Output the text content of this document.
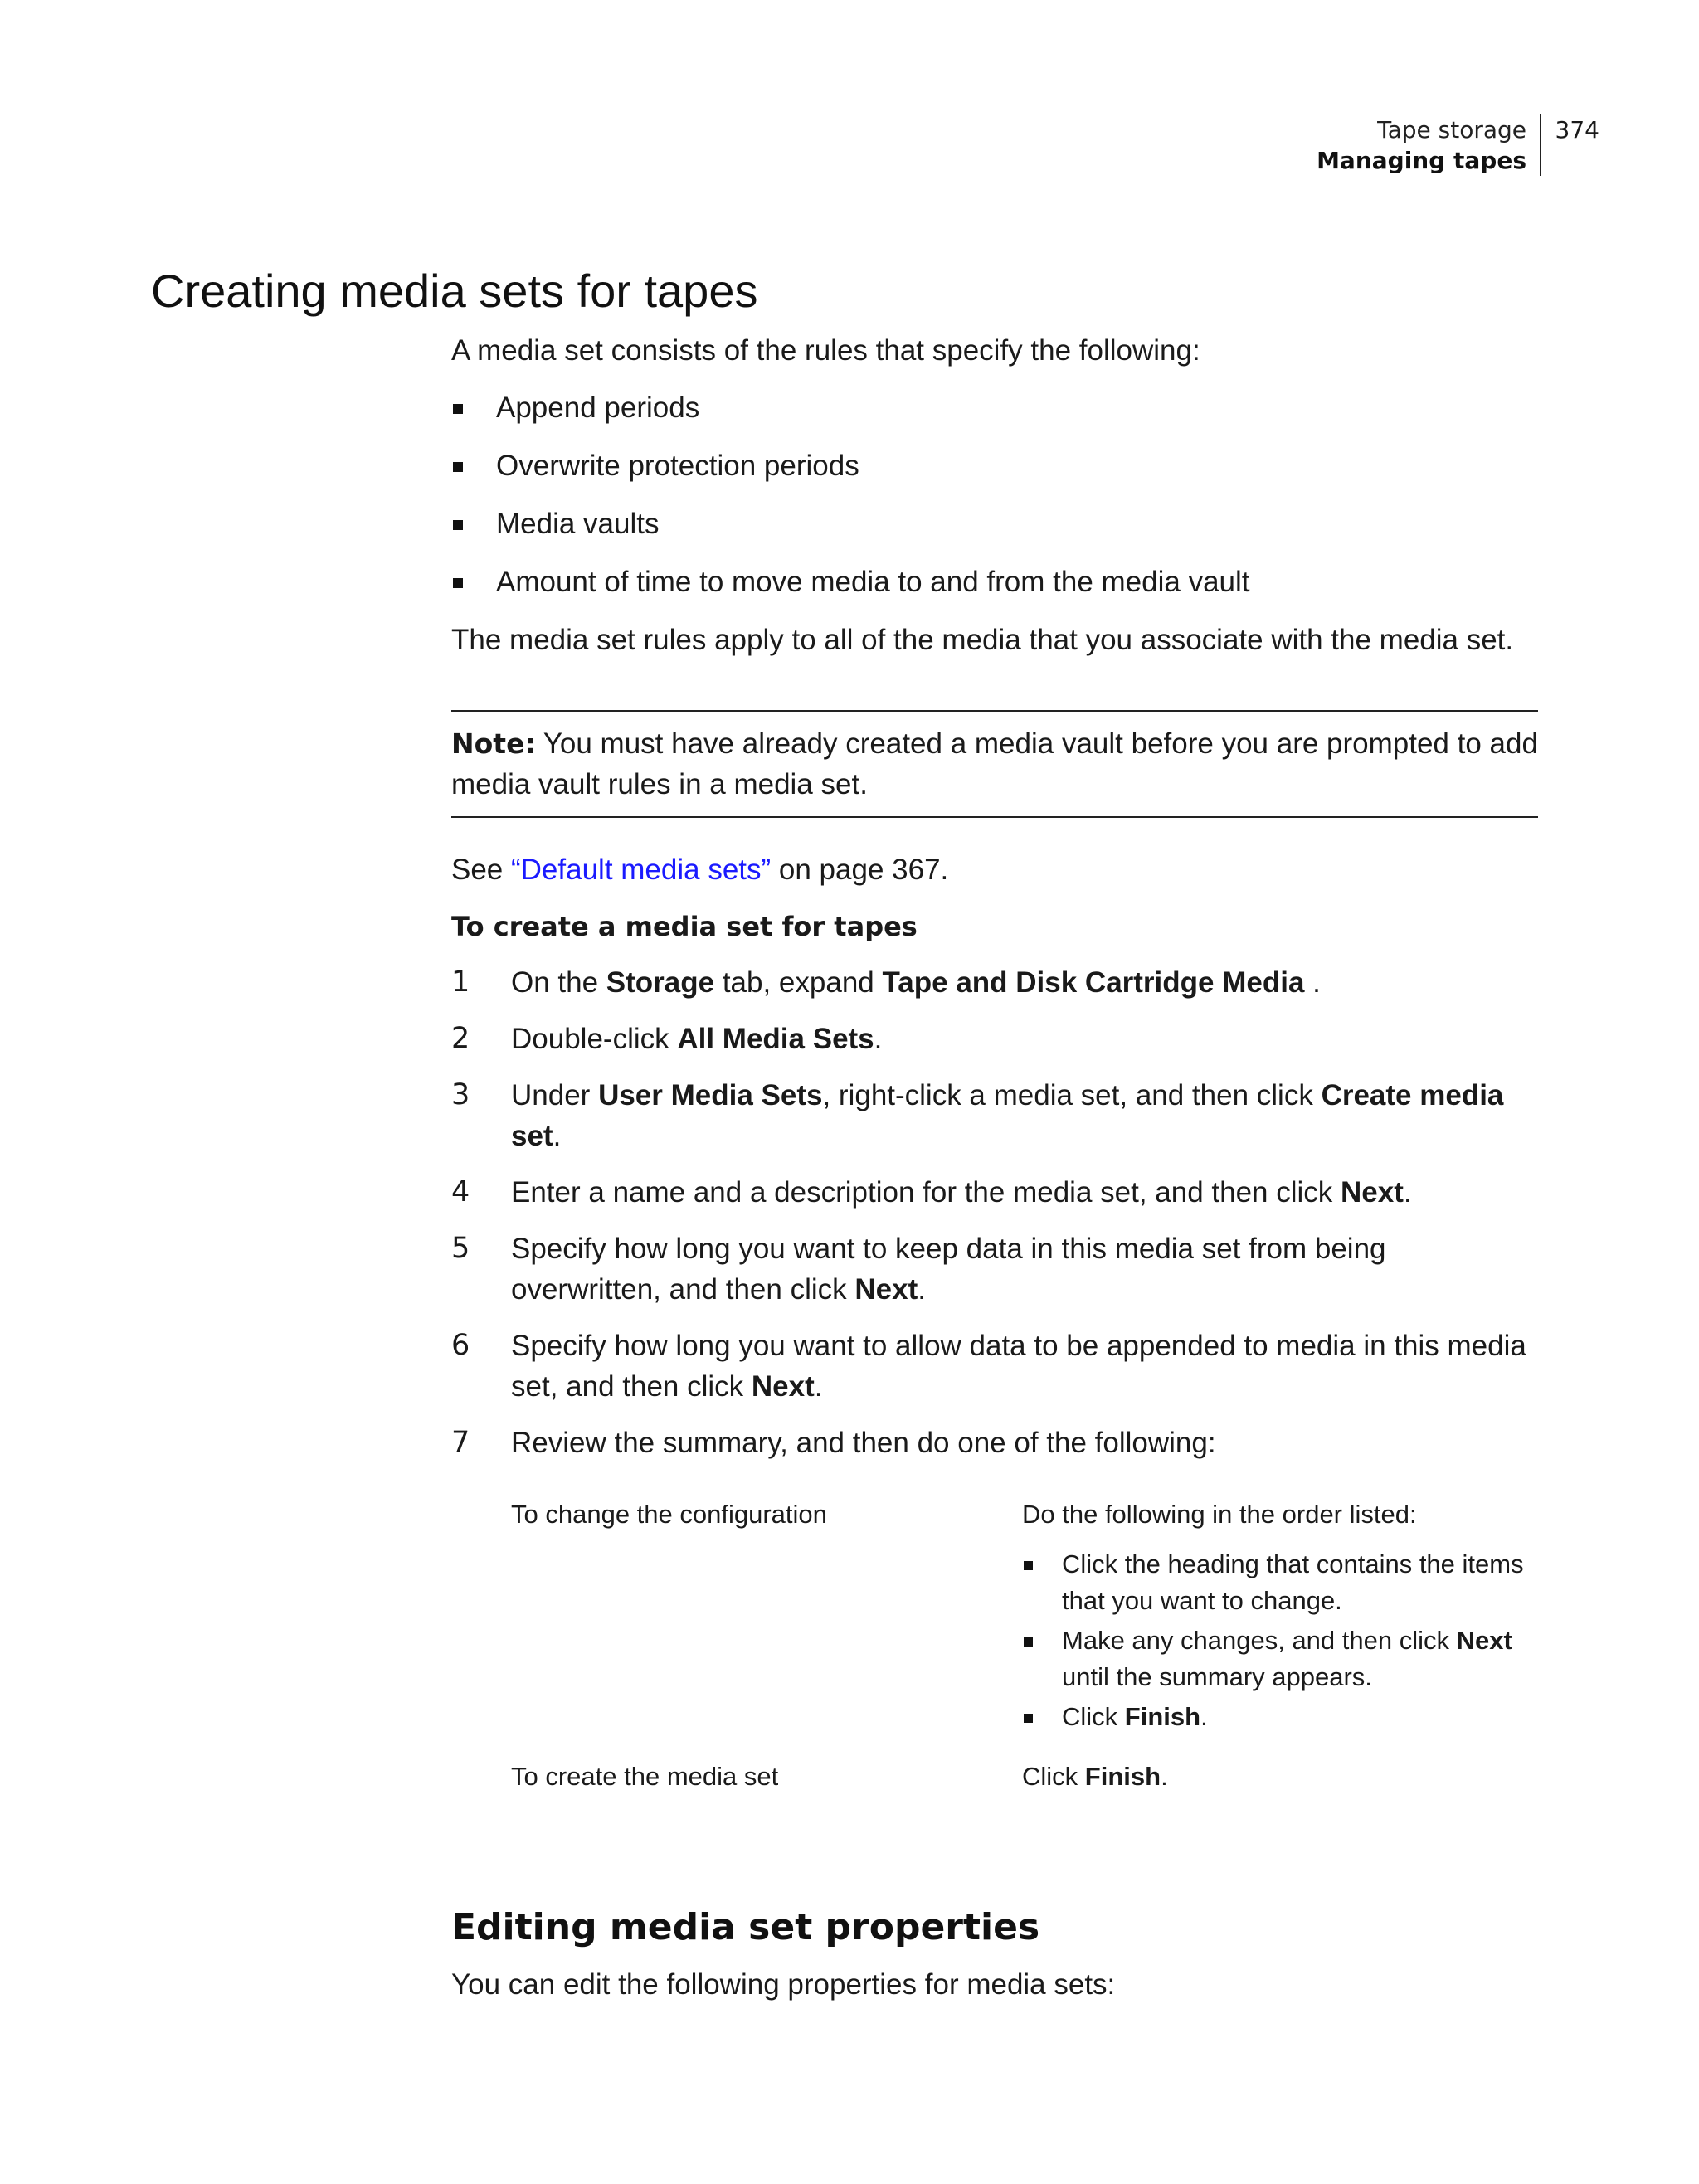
Tape storage
Managing tapes
374
Creating media sets for tapes

A media set consists of the rules that specify the following:

Append periods
Overwrite protection periods
Media vaults
Amount of time to move media to and from the media vault

The media set rules apply to all of the media that you associate with the media set.

Note: You must have already created a media vault before you are prompted to add media vault rules in a media set.

See “Default media sets” on page 367.

To create a media set for tapes
1 On the Storage tab, expand Tape and Disk Cartridge Media .
2 Double-click All Media Sets.
3 Under User Media Sets, right-click a media set, and then click Create media set.
4 Enter a name and a description for the media set, and then click Next.
5 Specify how long you want to keep data in this media set from being overwritten, and then click Next.
6 Specify how long you want to allow data to be appended to media in this media set, and then click Next.
7 Review the summary, and then do one of the following:
To change the configuration	Do the following in the order listed:
Click the heading that contains the items that you want to change.
Make any changes, and then click Next until the summary appears.
Click Finish.
To create the media set	Click Finish.
Editing media set properties

You can edit the following properties for media sets:
